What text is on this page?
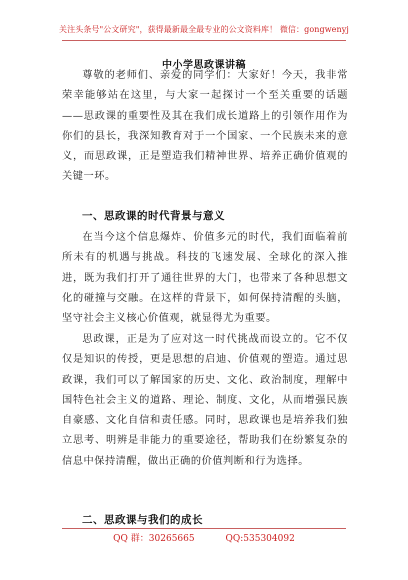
关注头条号"公文研究"，获得最新最全最专业的公文资料库！ 微信：gongwenyj
中小学思政课讲稿

尊敬的老师们、亲爱的同学们：大家好！今天，我非常荣幸能够站在这里，与大家一起探讨一个至关重要的话题——思政课的重要性及其在我们成长道路上的引领作用作为你们的县长，我深知教育对于一个国家、一个民族未来的意义，而思政课，正是塑造我们精神世界、培养正确价值观的关键一环。

一、思政课的时代背景与意义

在当今这个信息爆炸、价值多元的时代，我们面临着前所未有的机遇与挑战。科技的飞速发展、全球化的深入推进，既为我们打开了通往世界的大门，也带来了各种思想文化的碰撞与交融。在这样的背景下，如何保持清醒的头脑，坚守社会主义核心价值观，就显得尤为重要。

思政课，正是为了应对这一时代挑战而设立的。它不仅仅是知识的传授，更是思想的启迪、价值观的塑造。通过思政课，我们可以了解国家的历史、文化、政治制度，理解中国特色社会主义的道路、理论、制度、文化，从而增强民族自豪感、文化自信和责任感。同时，思政课也是培养我们独立思考、明辨是非能力的重要途径，帮助我们在纷繁复杂的信息中保持清醒，做出正确的价值判断和行为选择。

二、思政课与我们的成长
QQ 群：30265665	QQ:535304092
